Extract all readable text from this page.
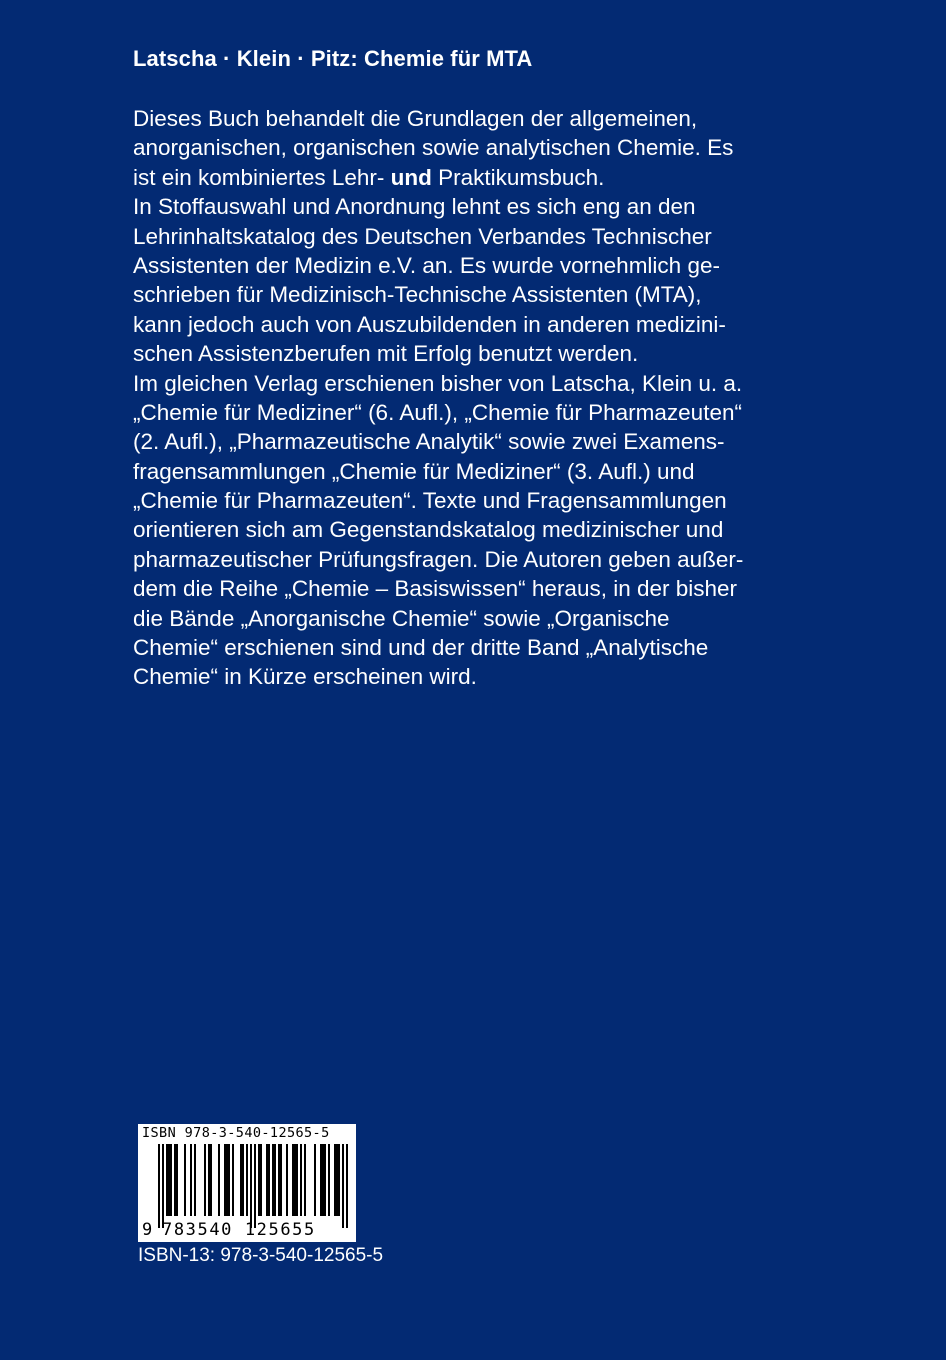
Latscha · Klein · Pitz: Chemie für MTA
Dieses Buch behandelt die Grundlagen der allgemeinen,
anorganischen, organischen sowie analytischen Chemie. Es
ist ein kombiniertes Lehr- und Praktikumsbuch.
In Stoffauswahl und Anordnung lehnt es sich eng an den
Lehrinhaltskatalog des Deutschen Verbandes Technischer
Assistenten der Medizin e.V. an. Es wurde vornehmlich ge-
schrieben für Medizinisch-Technische Assistenten (MTA),
kann jedoch auch von Auszubildenden in anderen medizini-
schen Assistenzberufen mit Erfolg benutzt werden.
Im gleichen Verlag erschienen bisher von Latscha, Klein u. a.
„Chemie für Mediziner“ (6. Aufl.), „Chemie für Pharmazeuten“
(2. Aufl.), „Pharmazeutische Analytik“ sowie zwei Examens-
fragensammlungen „Chemie für Mediziner“ (3. Aufl.) und
„Chemie für Pharmazeuten“. Texte und Fragensammlungen
orientieren sich am Gegenstandskatalog medizinischer und
pharmazeutischer Prüfungsfragen. Die Autoren geben außer-
dem die Reihe „Chemie – Basiswissen“ heraus, in der bisher
die Bände „Anorganische Chemie“ sowie „Organische
Chemie“ erschienen sind und der dritte Band „Analytische
Chemie“ in Kürze erscheinen wird.
ISBN 978-3-540-12565-5
9 783540 125655
ISBN-13: 978-3-540-12565-5
